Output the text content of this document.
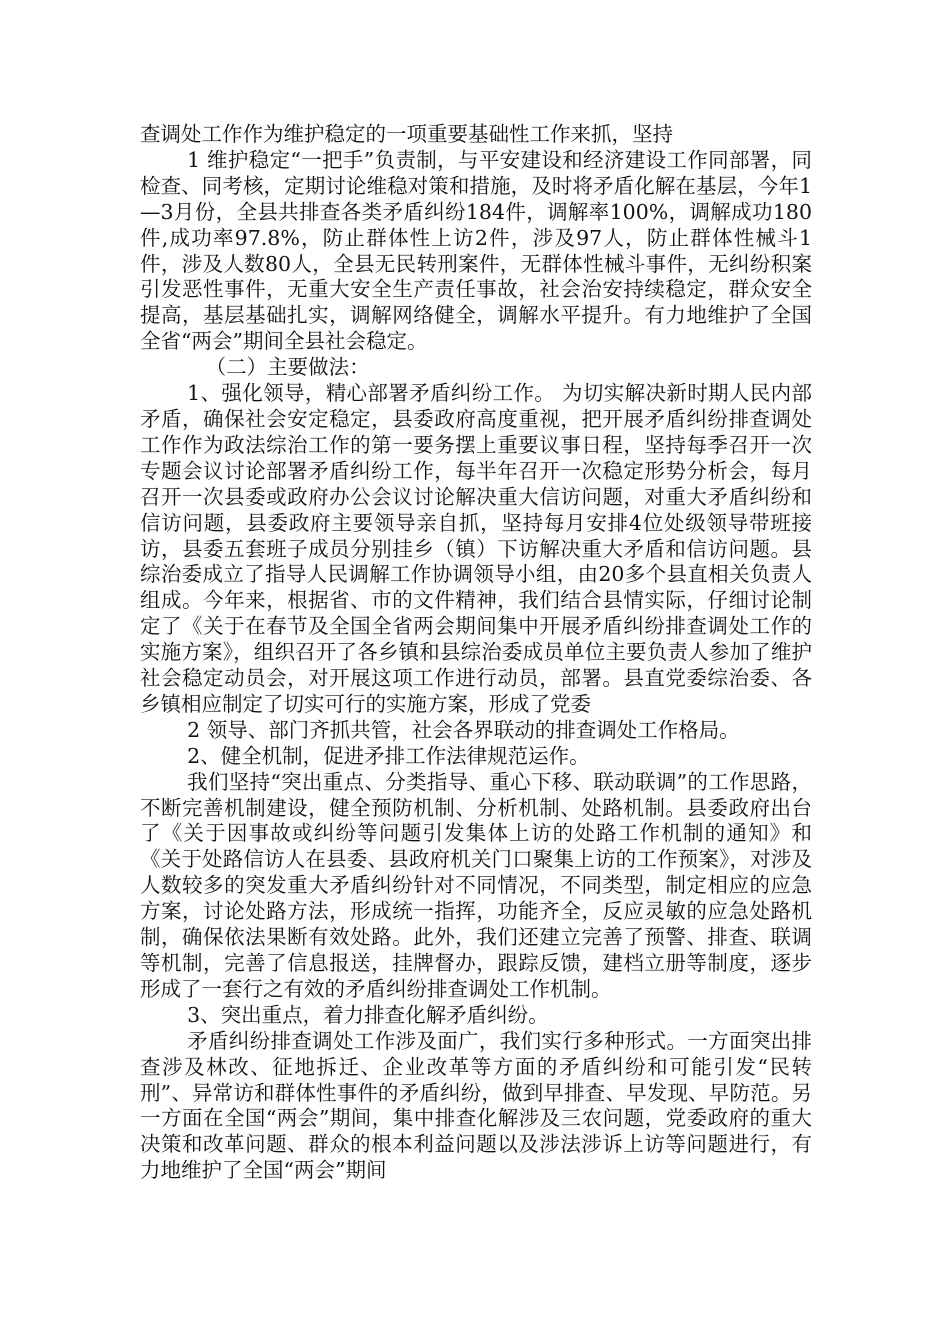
查调处工作作为维护稳定的一项重要基础性工作来抓，坚持

1 维护稳定“一把手”负责制，与平安建设和经济建设工作同部署，同检查、同考核，定期讨论维稳对策和措施，及时将矛盾化解在基层，今年1—3月份，全县共排查各类矛盾纠纷184件，调解率100%，调解成功180件,成功率97.8%，防止群体性上访2件，涉及97人，防止群体性械斗1件，涉及人数80人，全县无民转刑案件，无群体性械斗事件，无纠纷积案引发恶性事件，无重大安全生产责任事故，社会治安持续稳定，群众安全提高，基层基础扎实，调解网络健全，调解水平提升。有力地维护了全国全省“两会”期间全县社会稳定。

（二）主要做法：

1、强化领导，精心部署矛盾纠纷工作。 为切实解决新时期人民内部矛盾，确保社会安定稳定，县委政府高度重视，把开展矛盾纠纷排查调处工作作为政法综治工作的第一要务摆上重要议事日程，坚持每季召开一次专题会议讨论部署矛盾纠纷工作，每半年召开一次稳定形势分析会，每月召开一次县委或政府办公会议讨论解决重大信访问题，对重大矛盾纠纷和信访问题，县委政府主要领导亲自抓，坚持每月安排4位处级领导带班接访，县委五套班子成员分别挂乡（镇）下访解决重大矛盾和信访问题。县综治委成立了指导人民调解工作协调领导小组，由20多个县直相关负责人组成。今年来，根据省、市的文件精神，我们结合县情实际，仔细讨论制定了《关于在春节及全国全省两会期间集中开展矛盾纠纷排查调处工作的实施方案》，组织召开了各乡镇和县综治委成员单位主要负责人参加了维护社会稳定动员会，对开展这项工作进行动员，部署。县直党委综治委、各乡镇相应制定了切实可行的实施方案，形成了党委

2 领导、部门齐抓共管，社会各界联动的排查调处工作格局。

2、健全机制，促进矛排工作法律规范运作。

我们坚持“突出重点、分类指导、重心下移、联动联调”的工作思路，不断完善机制建设，健全预防机制、分析机制、处路机制。县委政府出台了《关于因事故或纠纷等问题引发集体上访的处路工作机制的通知》和《关于处路信访人在县委、县政府机关门口聚集上访的工作预案》，对涉及人数较多的突发重大矛盾纠纷针对不同情况，不同类型，制定相应的应急方案，讨论处路方法，形成统一指挥，功能齐全，反应灵敏的应急处路机制，确保依法果断有效处路。此外，我们还建立完善了预警、排查、联调等机制，完善了信息报送，挂牌督办，跟踪反馈，建档立册等制度，逐步形成了一套行之有效的矛盾纠纷排查调处工作机制。

3、突出重点，着力排查化解矛盾纠纷。

矛盾纠纷排查调处工作涉及面广，我们实行多种形式。一方面突出排查涉及林改、征地拆迁、企业改革等方面的矛盾纠纷和可能引发“民转刑”、异常访和群体性事件的矛盾纠纷，做到早排查、早发现、早防范。另一方面在全国“两会”期间，集中排查化解涉及三农问题，党委政府的重大决策和改革问题、群众的根本利益问题以及涉法涉诉上访等问题进行，有力地维护了全国“两会”期间
